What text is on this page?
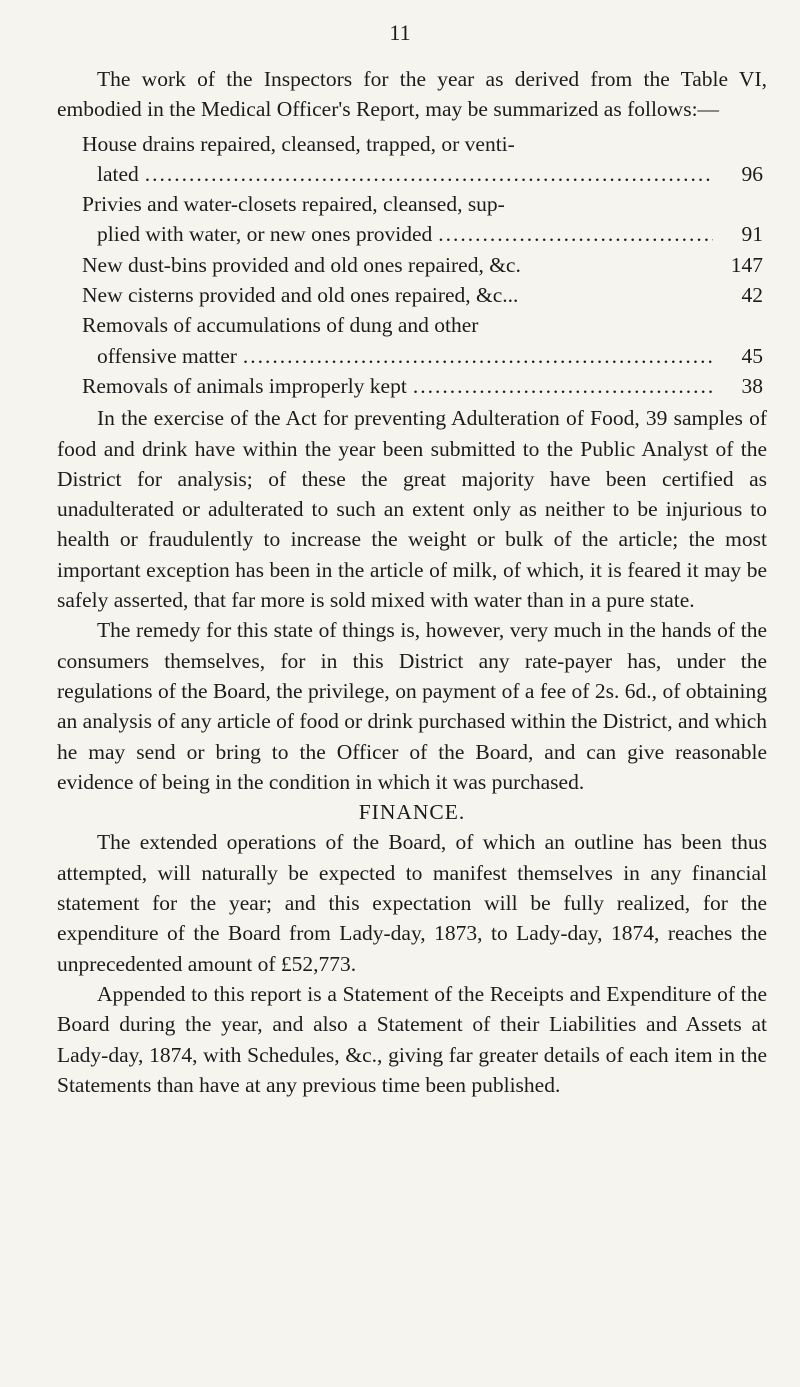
11

The work of the Inspectors for the year as derived from the Table VI, embodied in the Medical Officer's Report, may be summarized as follows:—

House drains repaired, cleansed, trapped, or venti-
lated .....	96
Privies and water-closets repaired, cleansed, sup-
plied with water, or new ones provided .....	91
New dust-bins provided and old ones repaired, &c.	147
New cisterns provided and old ones repaired, &c...	42
Removals of accumulations of dung and other
offensive matter .....	45
Removals of animals improperly kept .....	38

In the exercise of the Act for preventing Adulteration of Food, 39 samples of food and drink have within the year been submitted to the Public Analyst of the District for analysis; of these the great majority have been certified as unadulterated or adulterated to such an extent only as neither to be injurious to health or fraudulently to increase the weight or bulk of the article; the most important exception has been in the article of milk, of which, it is feared it may be safely asserted, that far more is sold mixed with water than in a pure state.

The remedy for this state of things is, however, very much in the hands of the consumers themselves, for in this District any rate-payer has, under the regulations of the Board, the privilege, on payment of a fee of 2s. 6d., of obtaining an analysis of any article of food or drink purchased within the District, and which he may send or bring to the Officer of the Board, and can give reasonable evidence of being in the condition in which it was purchased.

FINANCE.

The extended operations of the Board, of which an outline has been thus attempted, will naturally be expected to manifest themselves in any financial statement for the year; and this expectation will be fully realized, for the expenditure of the Board from Lady-day, 1873, to Lady-day, 1874, reaches the unprecedented amount of £52,773.

Appended to this report is a Statement of the Receipts and Expenditure of the Board during the year, and also a Statement of their Liabilities and Assets at Lady-day, 1874, with Schedules, &c., giving far greater details of each item in the Statements than have at any previous time been published.
